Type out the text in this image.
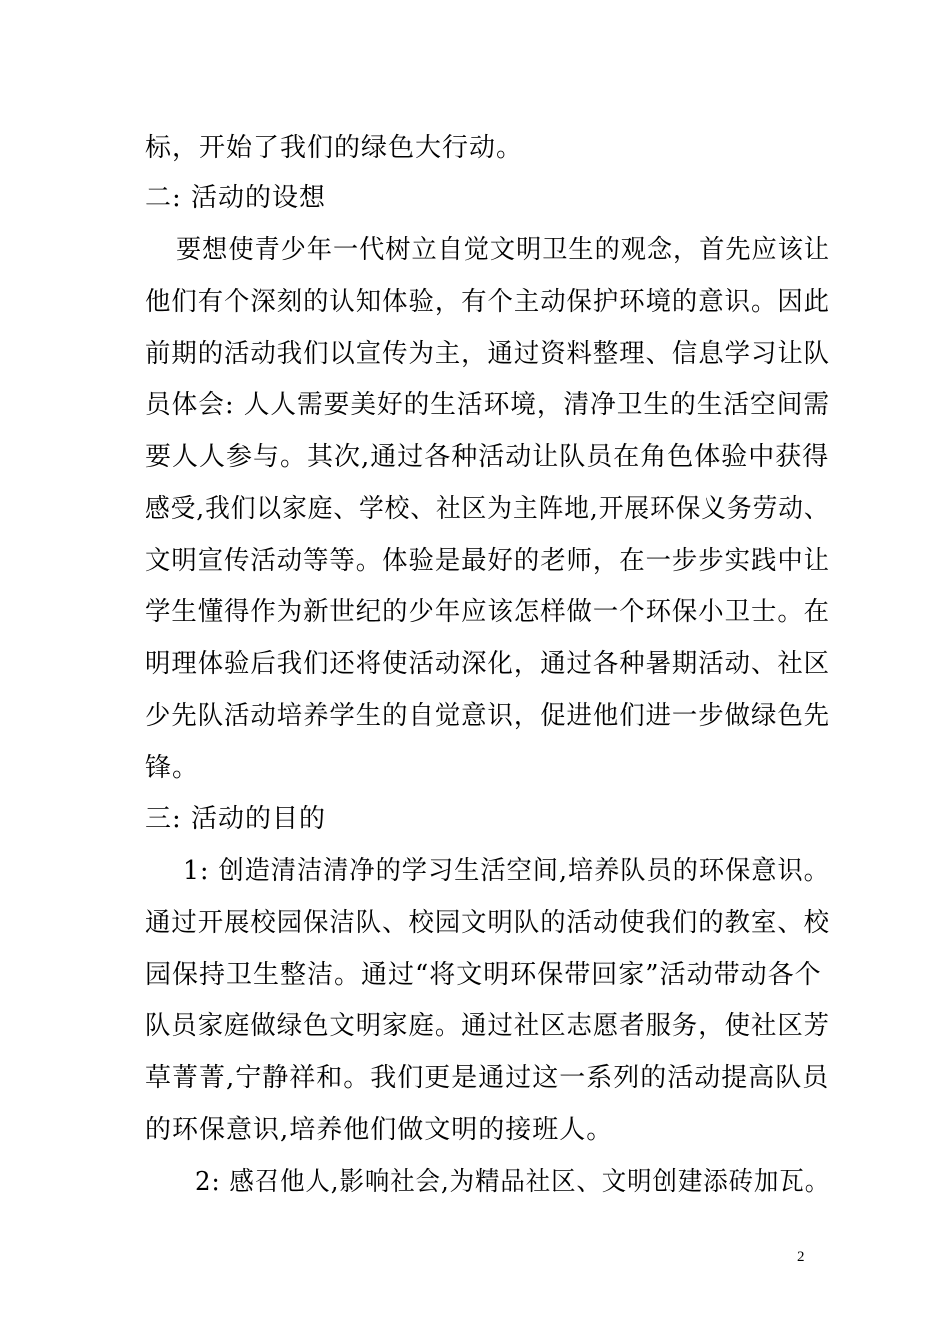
标，开始了我们的绿色大行动。
二: 活动的设想
要想使青少年一代树立自觉文明卫生的观念，首先应该让
他们有个深刻的认知体验，有个主动保护环境的意识。因此
前期的活动我们以宣传为主，通过资料整理、信息学习让队
员体会: 人人需要美好的生活环境，清净卫生的生活空间需
要人人参与。其次,通过各种活动让队员在角色体验中获得
感受,我们以家庭、学校、社区为主阵地,开展环保义务劳动、
文明宣传活动等等。体验是最好的老师，在一步步实践中让
学生懂得作为新世纪的少年应该怎样做一个环保小卫士。在
明理体验后我们还将使活动深化，通过各种暑期活动、社区
少先队活动培养学生的自觉意识，促进他们进一步做绿色先
锋。
三: 活动的目的
1: 创造清洁清净的学习生活空间,培养队员的环保意识。
通过开展校园保洁队、校园文明队的活动使我们的教室、校
园保持卫生整洁。通过“将文明环保带回家”活动带动各个
队员家庭做绿色文明家庭。通过社区志愿者服务，使社区芳
草菁菁,宁静祥和。我们更是通过这一系列的活动提高队员
的环保意识,培养他们做文明的接班人。
2: 感召他人,影响社会,为精品社区、文明创建添砖加瓦。
2
